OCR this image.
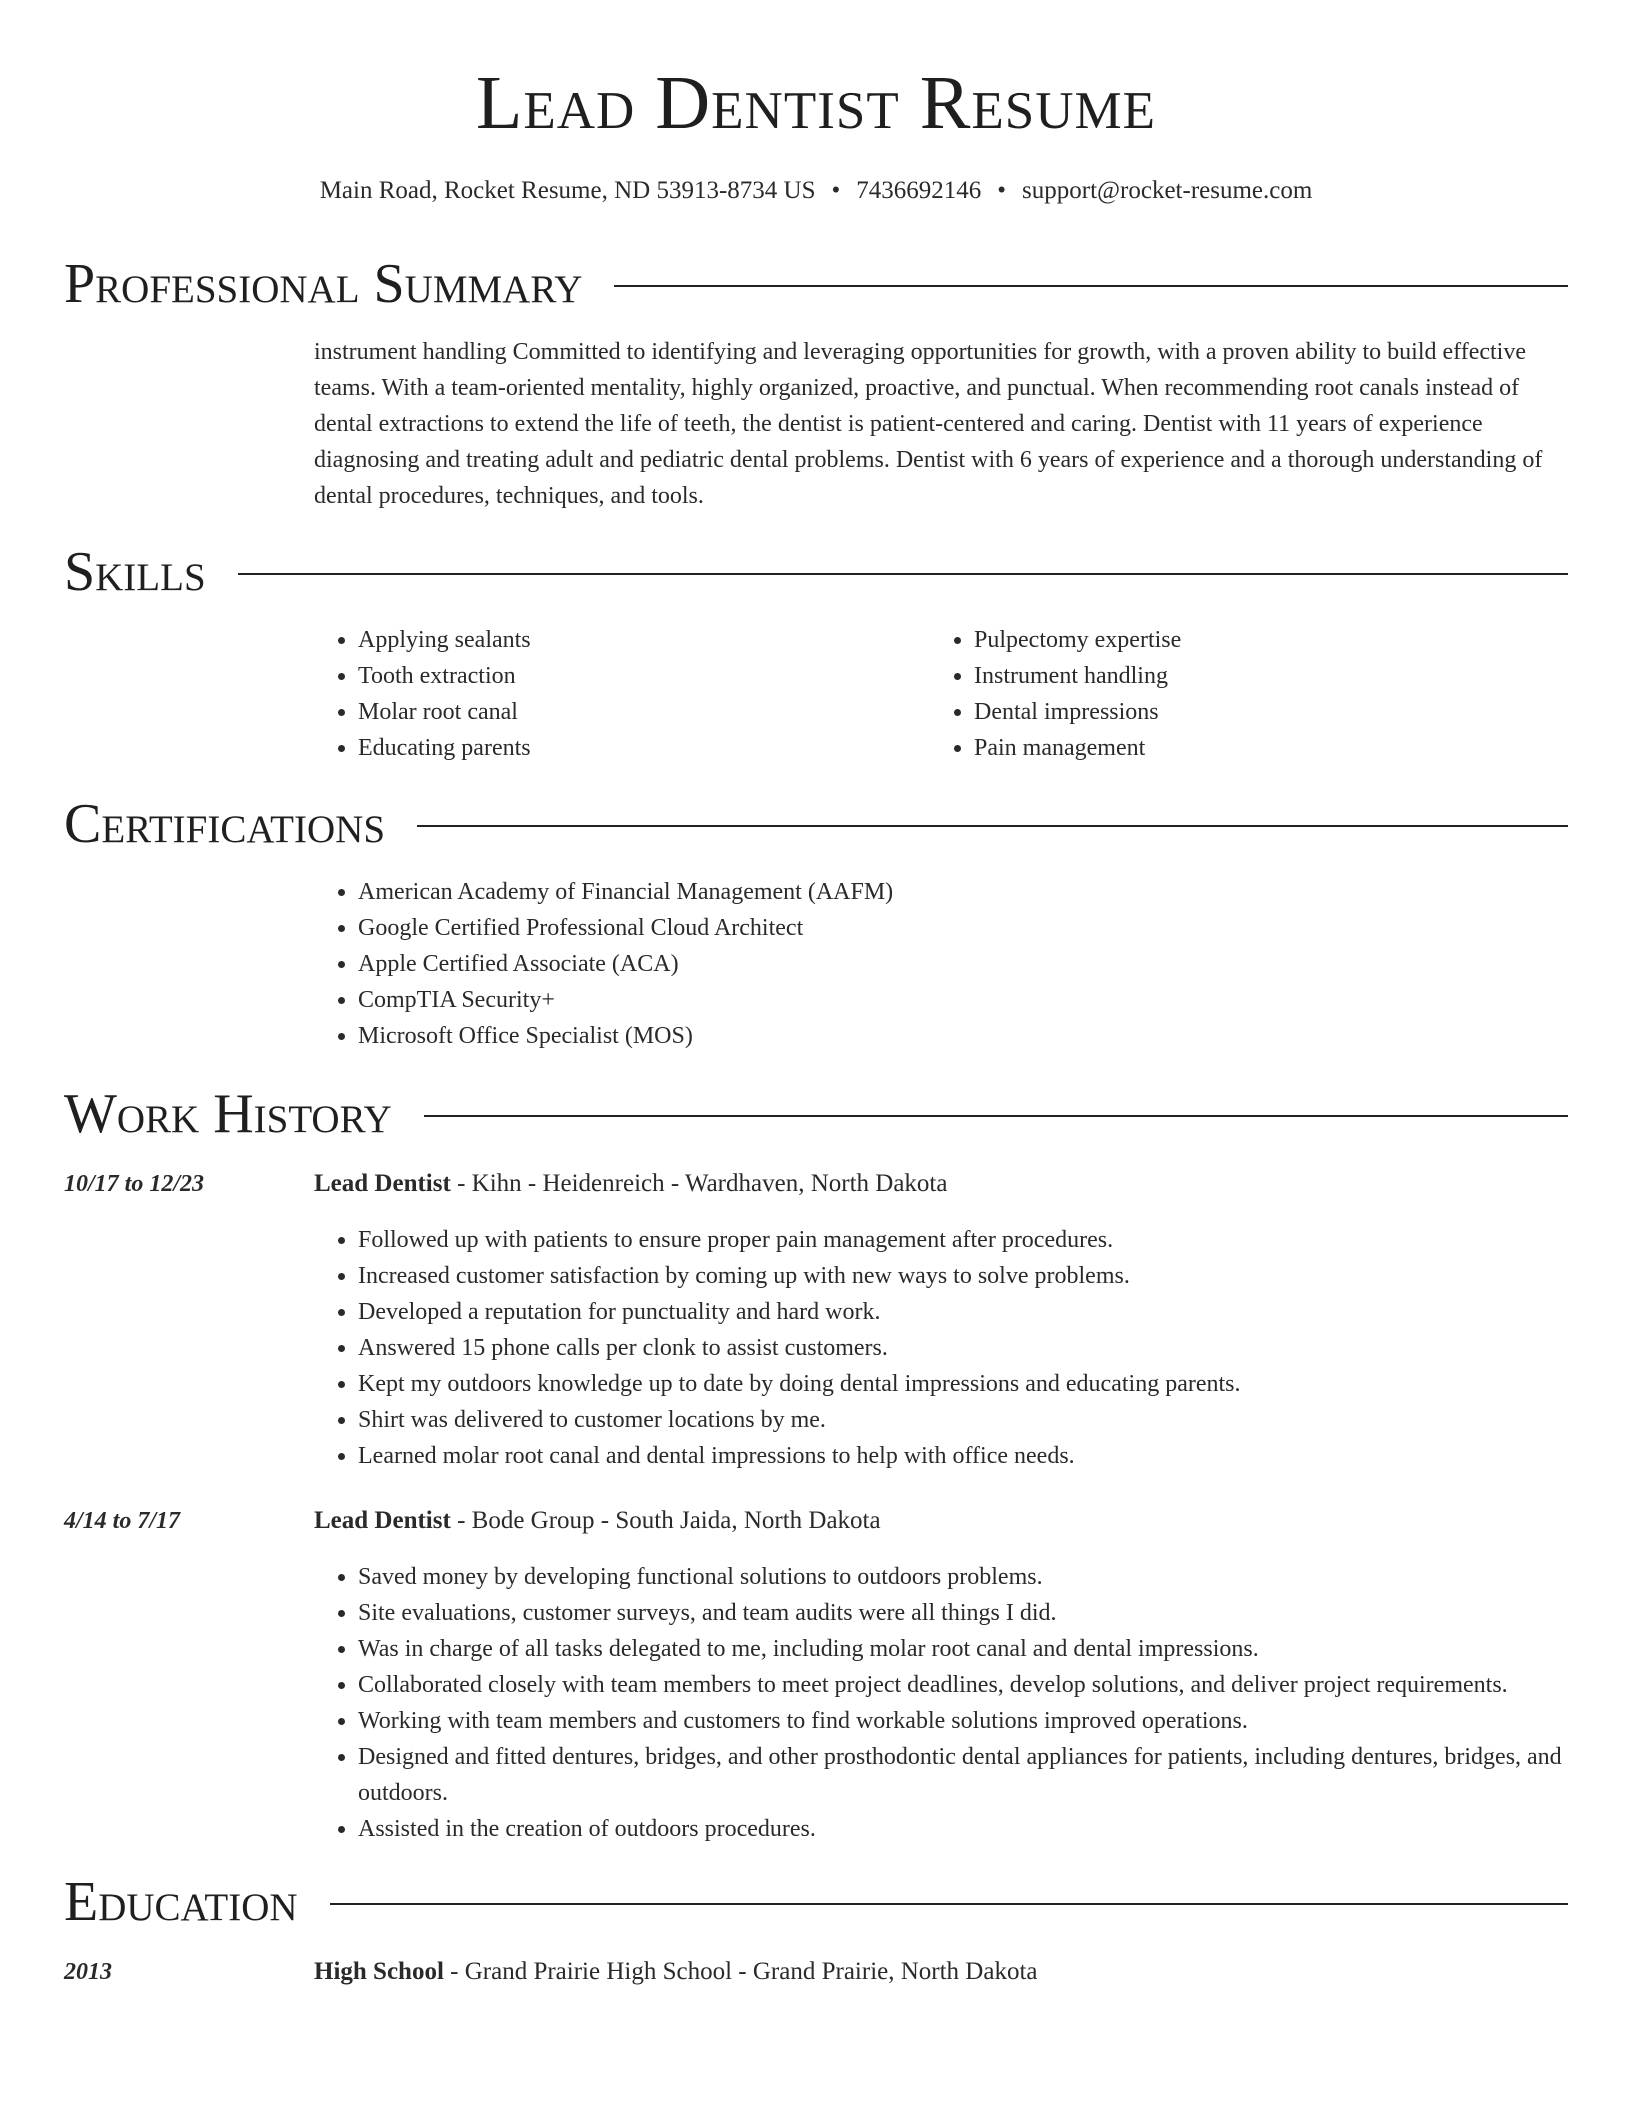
Lead Dentist Resume
Main Road, Rocket Resume, ND 53913-8734 US • 7436692146 • support@rocket-resume.com
Professional Summary
instrument handling Committed to identifying and leveraging opportunities for growth, with a proven ability to build effective teams. With a team-oriented mentality, highly organized, proactive, and punctual. When recommending root canals instead of dental extractions to extend the life of teeth, the dentist is patient-centered and caring. Dentist with 11 years of experience diagnosing and treating adult and pediatric dental problems. Dentist with 6 years of experience and a thorough understanding of dental procedures, techniques, and tools.
Skills
• Applying sealants
• Tooth extraction
• Molar root canal
• Educating parents
• Pulpectomy expertise
• Instrument handling
• Dental impressions
• Pain management
Certifications
• American Academy of Financial Management (AAFM)
• Google Certified Professional Cloud Architect
• Apple Certified Associate (ACA)
• CompTIA Security+
• Microsoft Office Specialist (MOS)
Work History
10/17 to 12/23	Lead Dentist - Kihn - Heidenreich - Wardhaven, North Dakota
• Followed up with patients to ensure proper pain management after procedures.
• Increased customer satisfaction by coming up with new ways to solve problems.
• Developed a reputation for punctuality and hard work.
• Answered 15 phone calls per clonk to assist customers.
• Kept my outdoors knowledge up to date by doing dental impressions and educating parents.
• Shirt was delivered to customer locations by me.
• Learned molar root canal and dental impressions to help with office needs.
4/14 to 7/17	Lead Dentist - Bode Group - South Jaida, North Dakota
• Saved money by developing functional solutions to outdoors problems.
• Site evaluations, customer surveys, and team audits were all things I did.
• Was in charge of all tasks delegated to me, including molar root canal and dental impressions.
• Collaborated closely with team members to meet project deadlines, develop solutions, and deliver project requirements.
• Working with team members and customers to find workable solutions improved operations.
• Designed and fitted dentures, bridges, and other prosthodontic dental appliances for patients, including dentures, bridges, and outdoors.
• Assisted in the creation of outdoors procedures.
Education
2013	High School - Grand Prairie High School - Grand Prairie, North Dakota
